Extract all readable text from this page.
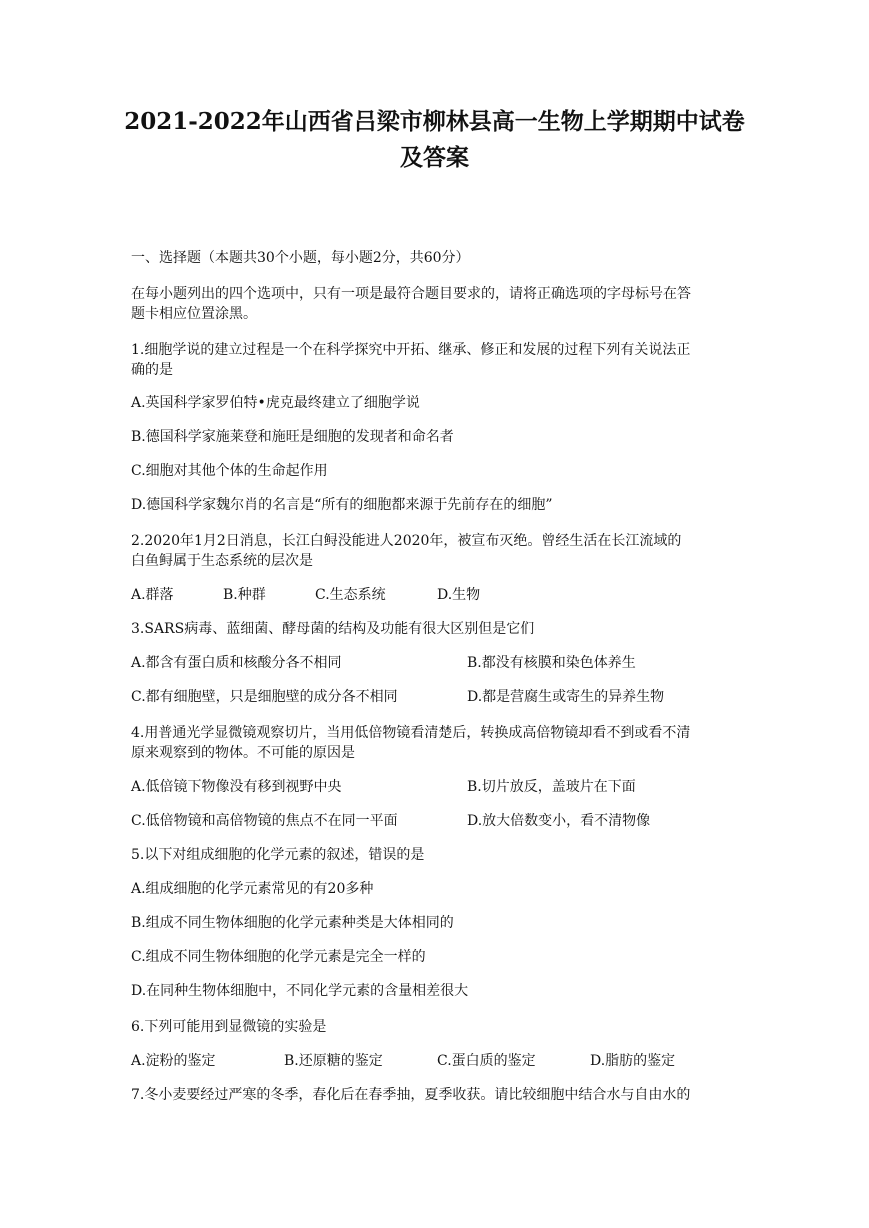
2021-2022年山西省吕梁市柳林县高一生物上学期期中试卷
及答案
一、选择题（本题共30个小题，每小题2分，共60分）
在每小题列出的四个选项中，只有一项是最符合题目要求的，请将正确选项的字母标号在答
题卡相应位置涂黑。
1.细胞学说的建立过程是一个在科学探究中开拓、继承、修正和发展的过程下列有关说法正
确的是
A.英国科学家罗伯特•虎克最终建立了细胞学说
B.德国科学家施莱登和施旺是细胞的发现者和命名者
C.细胞对其他个体的生命起作用
D.德国科学家魏尔肖的名言是“所有的细胞都来源于先前存在的细胞”
2.2020年1月2日消息，长江白鲟没能进人2020年，被宣布灭绝。曾经生活在长江流域的
白鱼鲟属于生态系统的层次是
A.群落	B.种群	C.生态系统	D.生物
3.SARS病毒、蓝细菌、酵母菌的结构及功能有很大区别但是它们
A.都含有蛋白质和核酸分各不相同	B.都没有核膜和染色体养生
C.都有细胞壁，只是细胞壁的成分各不相同	D.都是营腐生或寄生的异养生物
4.用普通光学显微镜观察切片，当用低倍物镜看清楚后，转换成高倍物镜却看不到或看不清
原来观察到的物体。不可能的原因是
A.低倍镜下物像没有移到视野中央	B.切片放反，盖玻片在下面
C.低倍物镜和高倍物镜的焦点不在同一平面	D.放大倍数变小，看不清物像
5.以下对组成细胞的化学元素的叙述，错误的是
A.组成细胞的化学元素常见的有20多种
B.组成不同生物体细胞的化学元素种类是大体相同的
C.组成不同生物体细胞的化学元素是完全一样的
D.在同种生物体细胞中，不同化学元素的含量相差很大
6.下列可能用到显微镜的实验是
A.淀粉的鉴定	B.还原糖的鉴定	C.蛋白质的鉴定	D.脂肪的鉴定
7.冬小麦要经过严寒的冬季，春化后在春季抽，夏季收获。请比较细胞中结合水与自由水的
